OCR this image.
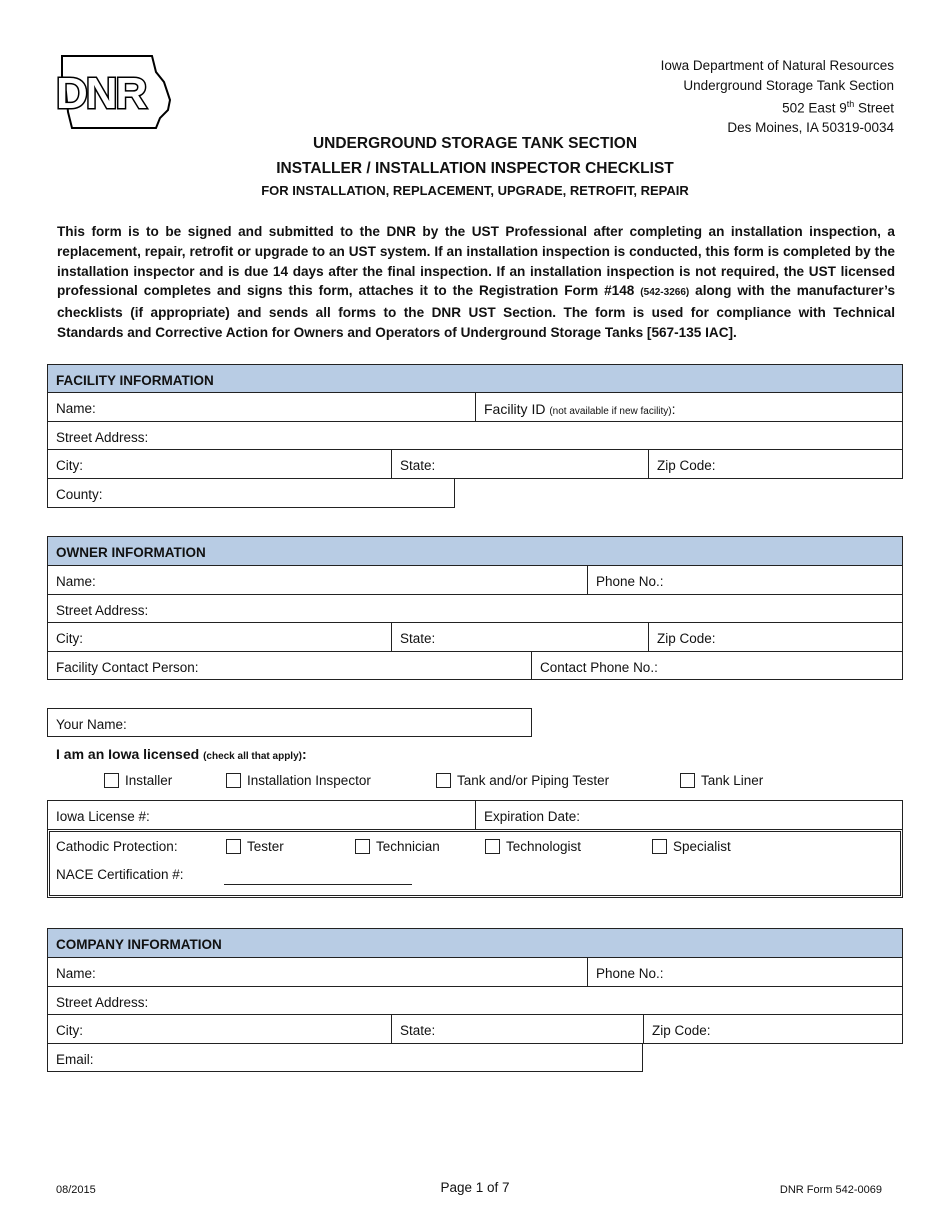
DNR
Iowa Department of Natural Resources
Underground Storage Tank Section
502 East 9th Street
Des Moines, IA 50319-0034
UNDERGROUND STORAGE TANK SECTION
INSTALLER / INSTALLATION INSPECTOR CHECKLIST
FOR INSTALLATION, REPLACEMENT, UPGRADE, RETROFIT, REPAIR
This form is to be signed and submitted to the DNR by the UST Professional after completing an installation inspection, a replacement, repair, retrofit or upgrade to an UST system. If an installation inspection is conducted, this form is completed by the installation inspector and is due 14 days after the final inspection. If an installation inspection is not required, the UST licensed professional completes and signs this form, attaches it to the Registration Form #148 (542-3266) along with the manufacturer’s checklists (if appropriate) and sends all forms to the DNR UST Section. The form is used for compliance with Technical Standards and Corrective Action for Owners and Operators of Underground Storage Tanks [567-135 IAC].
FACILITY INFORMATION
Name:	Facility ID (not available if new facility):
Street Address:
City:	State:	Zip Code:
County:
OWNER INFORMATION
Name:	Phone No.:
Street Address:
City:	State:	Zip Code:
Facility Contact Person:	Contact Phone No.:
Your Name:
I am an Iowa licensed (check all that apply):
Installer	Installation Inspector	Tank and/or Piping Tester	Tank Liner
Iowa License #:	Expiration Date:
Cathodic Protection:	Tester	Technician	Technologist	Specialist
NACE Certification #:
COMPANY INFORMATION
Name:	Phone No.:
Street Address:
City:	State:	Zip Code:
Email:
08/2015	Page 1 of 7	DNR Form 542-0069
